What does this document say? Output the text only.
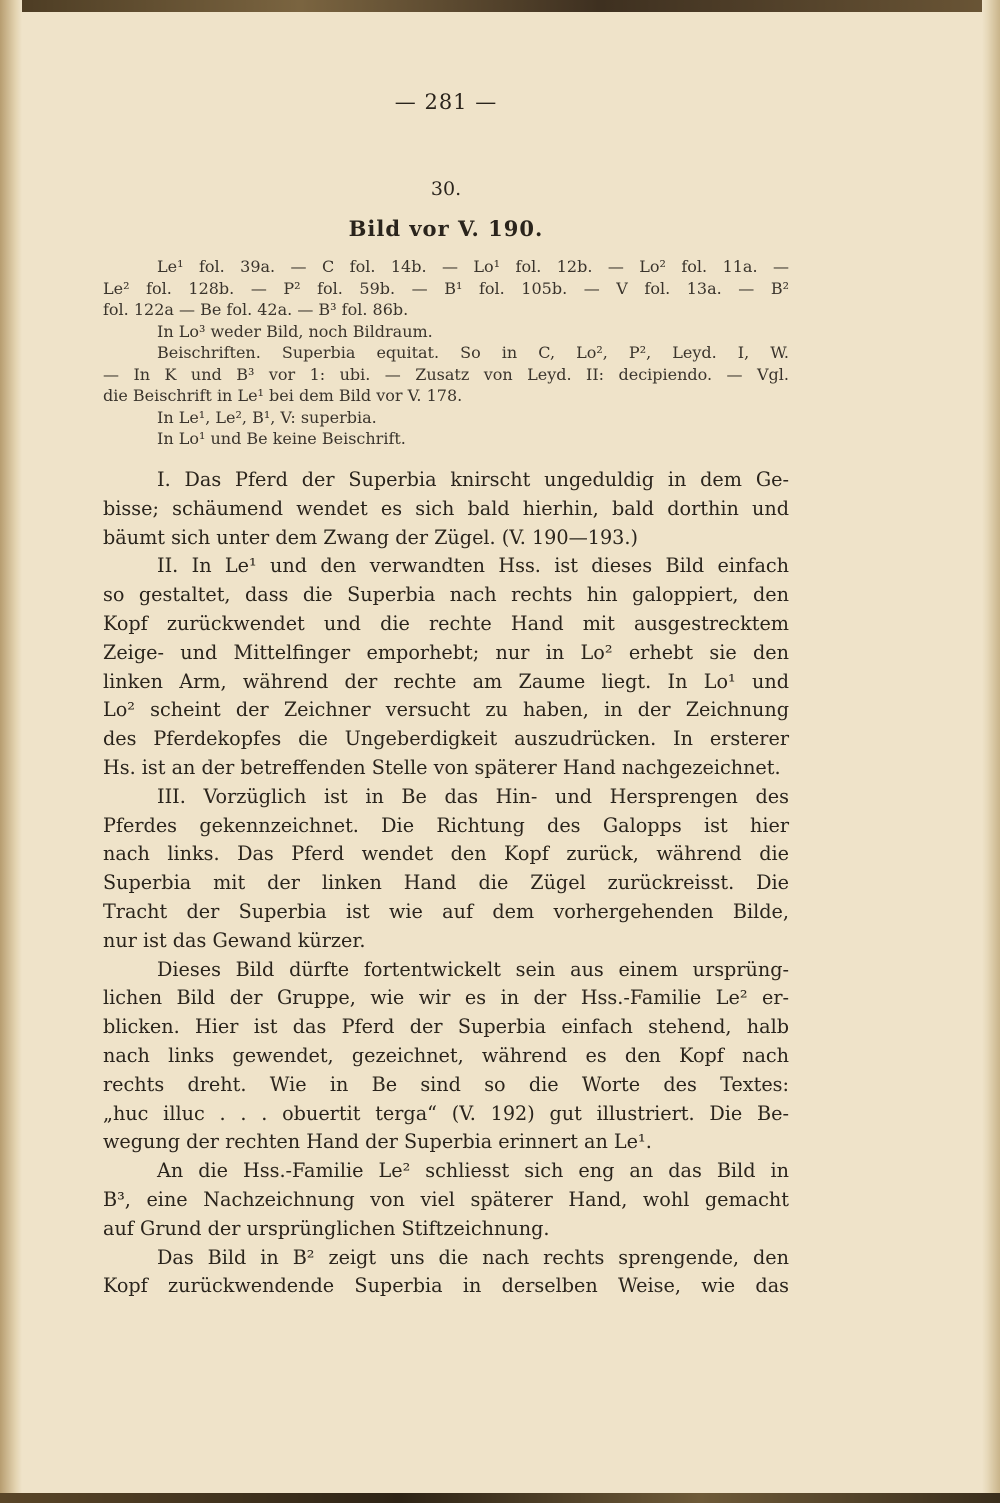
— 281 —
30.
Bild vor V. 190.
Le¹ fol. 39a. — C fol. 14b. — Lo¹ fol. 12b. — Lo² fol. 11a. —
Le² fol. 128b. — P² fol. 59b. — B¹ fol. 105b. — V fol. 13a. — B²
fol. 122a — Be fol. 42a. — B³ fol. 86b.
In Lo³ weder Bild, noch Bildraum.
Beischriften. Superbia equitat. So in C, Lo², P², Leyd. I, W.
— In K und B³ vor 1: ubi. — Zusatz von Leyd. II: decipiendo. — Vgl.
die Beischrift in Le¹ bei dem Bild vor V. 178.
In Le¹, Le², B¹, V: superbia.
In Lo¹ und Be keine Beischrift.
I. Das Pferd der Superbia knirscht ungeduldig in dem Ge-
bisse; schäumend wendet es sich bald hierhin, bald dorthin und
bäumt sich unter dem Zwang der Zügel. (V. 190—193.)
II. In Le¹ und den verwandten Hss. ist dieses Bild einfach
so gestaltet, dass die Superbia nach rechts hin galoppiert, den
Kopf zurückwendet und die rechte Hand mit ausgestrecktem
Zeige- und Mittelfinger emporhebt; nur in Lo² erhebt sie den
linken Arm, während der rechte am Zaume liegt. In Lo¹ und
Lo² scheint der Zeichner versucht zu haben, in der Zeichnung
des Pferdekopfes die Ungeberdigkeit auszudrücken. In ersterer
Hs. ist an der betreffenden Stelle von späterer Hand nachgezeichnet.
III. Vorzüglich ist in Be das Hin- und Hersprengen des
Pferdes gekennzeichnet. Die Richtung des Galopps ist hier
nach links. Das Pferd wendet den Kopf zurück, während die
Superbia mit der linken Hand die Zügel zurückreisst. Die
Tracht der Superbia ist wie auf dem vorhergehenden Bilde,
nur ist das Gewand kürzer.
Dieses Bild dürfte fortentwickelt sein aus einem ursprüng-
lichen Bild der Gruppe, wie wir es in der Hss.-Familie Le² er-
blicken. Hier ist das Pferd der Superbia einfach stehend, halb
nach links gewendet, gezeichnet, während es den Kopf nach
rechts dreht. Wie in Be sind so die Worte des Textes:
„huc illuc . . . obuertit terga“ (V. 192) gut illustriert. Die Be-
wegung der rechten Hand der Superbia erinnert an Le¹.
An die Hss.-Familie Le² schliesst sich eng an das Bild in
B³, eine Nachzeichnung von viel späterer Hand, wohl gemacht
auf Grund der ursprünglichen Stiftzeichnung.
Das Bild in B² zeigt uns die nach rechts sprengende, den
Kopf zurückwendende Superbia in derselben Weise, wie das
